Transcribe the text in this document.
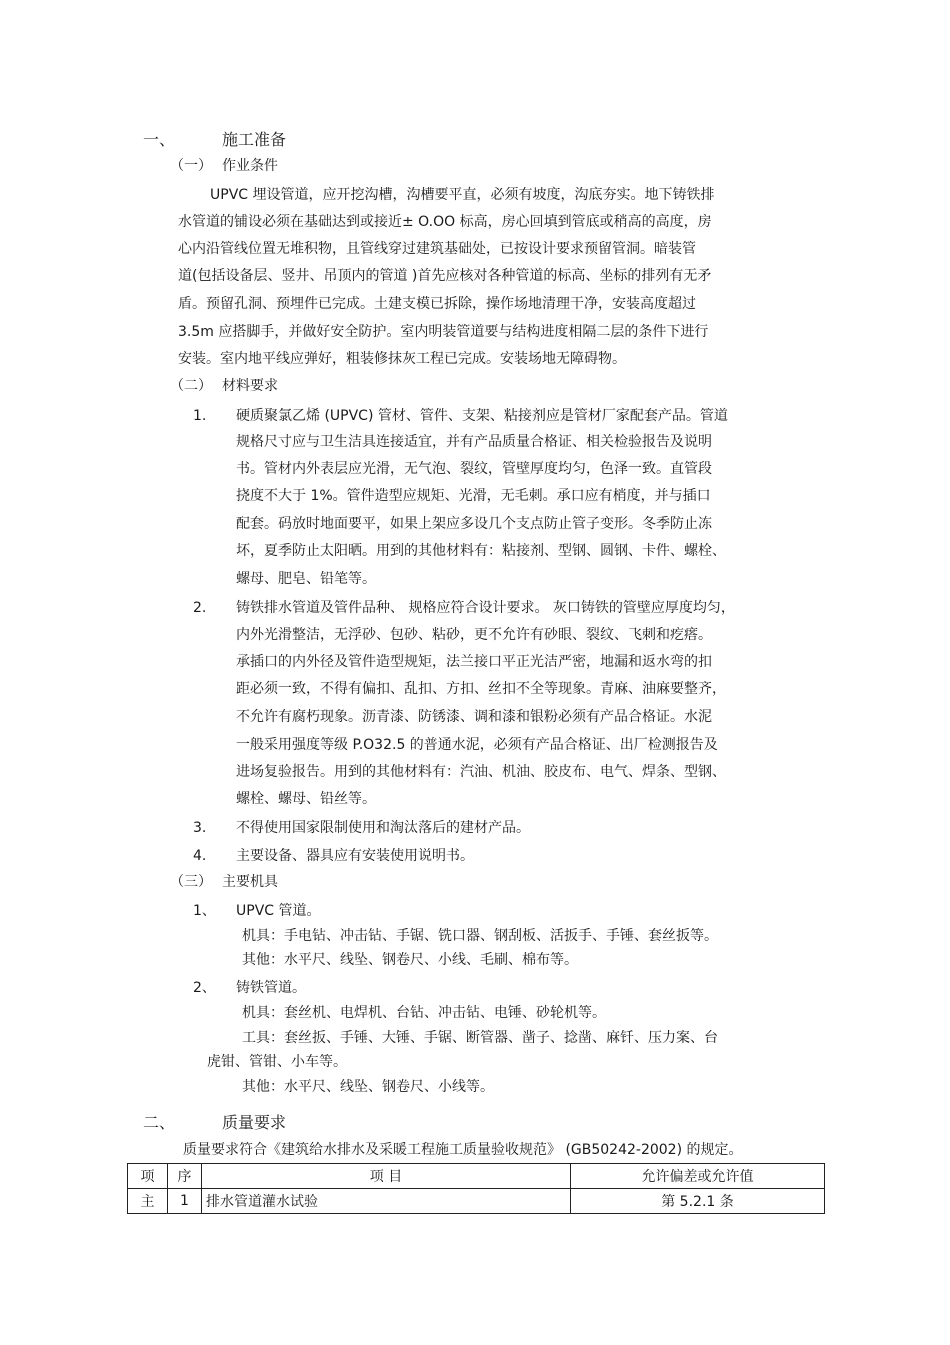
一、	施工准备
（一） 作业条件
UPVC 埋设管道，应开挖沟槽，沟槽要平直，必须有坡度，沟底夯实。地下铸铁排
水管道的铺设必须在基础达到或接近± O.OO 标高，房心回填到管底或稍高的高度，房
心内沿管线位置无堆积物，且管线穿过建筑基础处，已按设计要求预留管洞。暗装管
道(包括设备层、竖井、吊顶内的管道 )首先应核对各种管道的标高、坐标的排列有无矛
盾。预留孔洞、预埋件已完成。土建支模已拆除，操作场地清理干净，安装高度超过
3.5m 应搭脚手，并做好安全防护。室内明装管道要与结构进度相隔二层的条件下进行
安装。室内地平线应弹好，粗装修抹灰工程已完成。安装场地无障碍物。
（二） 材料要求
1. 硬质聚氯乙烯 (UPVC) 管材、管件、支架、粘接剂应是管材厂家配套产品。管道
规格尺寸应与卫生洁具连接适宜，并有产品质量合格证、相关检验报告及说明
书。管材内外表层应光滑，无气泡、裂纹，管壁厚度均匀，色泽一致。直管段
挠度不大于 1%。管件造型应规矩、光滑，无毛刺。承口应有梢度，并与插口
配套。码放时地面要平，如果上架应多设几个支点防止管子变形。冬季防止冻
坏，夏季防止太阳晒。用到的其他材料有：粘接剂、型钢、圆钢、卡件、螺栓、
螺母、肥皂、铅笔等。
2. 铸铁排水管道及管件品种、 规格应符合设计要求。 灰口铸铁的管壁应厚度均匀，
内外光滑整洁，无浮砂、包砂、粘砂，更不允许有砂眼、裂纹、飞刺和疙瘩。
承插口的内外径及管件造型规矩，法兰接口平正光洁严密，地漏和返水弯的扣
距必须一致，不得有偏扣、乱扣、方扣、丝扣不全等现象。青麻、油麻要整齐，
不允许有腐朽现象。沥青漆、防锈漆、调和漆和银粉必须有产品合格证。水泥
一般采用强度等级 P.O32.5 的普通水泥，必须有产品合格证、出厂检测报告及
进场复验报告。用到的其他材料有：汽油、机油、胶皮布、电气、焊条、型钢、
螺栓、螺母、铅丝等。
3. 不得使用国家限制使用和淘汰落后的建材产品。
4. 主要设备、器具应有安装使用说明书。
（三） 主要机具
1、 UPVC 管道。
机具：手电钻、冲击钻、手锯、铣口器、钢刮板、活扳手、手锤、套丝扳等。
其他：水平尺、线坠、钢卷尺、小线、毛刷、棉布等。
2、 铸铁管道。
机具：套丝机、电焊机、台钻、冲击钻、电锤、砂轮机等。
工具：套丝扳、手锤、大锤、手锯、断管器、凿子、捻凿、麻钎、压力案、台
虎钳、管钳、小车等。
其他：水平尺、线坠、钢卷尺、小线等。
二、	质量要求
质量要求符合《建筑给水排水及采暖工程施工质量验收规范》 (GB50242-2002) 的规定。
项	序	项 目	允许偏差或允许值
主	1	排水管道灌水试验	第 5.2.1 条
